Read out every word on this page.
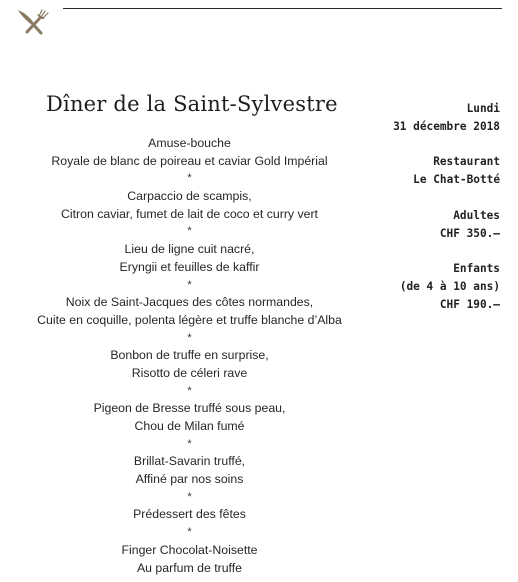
Dîner de la Saint-Sylvestre
Amuse-bouche
Royale de blanc de poireau et caviar Gold Impérial
*
Carpaccio de scampis,
Citron caviar, fumet de lait de coco et curry vert
*
Lieu de ligne cuit nacré,
Eryngii et feuilles de kaffir
*
Noix de Saint-Jacques des côtes normandes,
Cuite en coquille, polenta légère et truffe blanche d’Alba
*
Bonbon de truffe en surprise,
Risotto de céleri rave
*
Pigeon de Bresse truffé sous peau,
Chou de Milan fumé
*
Brillat-Savarin truffé,
Affiné par nos soins
*
Prédessert des fêtes
*
Finger Chocolat-Noisette
Au parfum de truffe
Lundi
31 décembre 2018
Restaurant
Le Chat-Botté
Adultes
CHF 350.–
Enfants
(de 4 à 10 ans)
CHF 190.–
